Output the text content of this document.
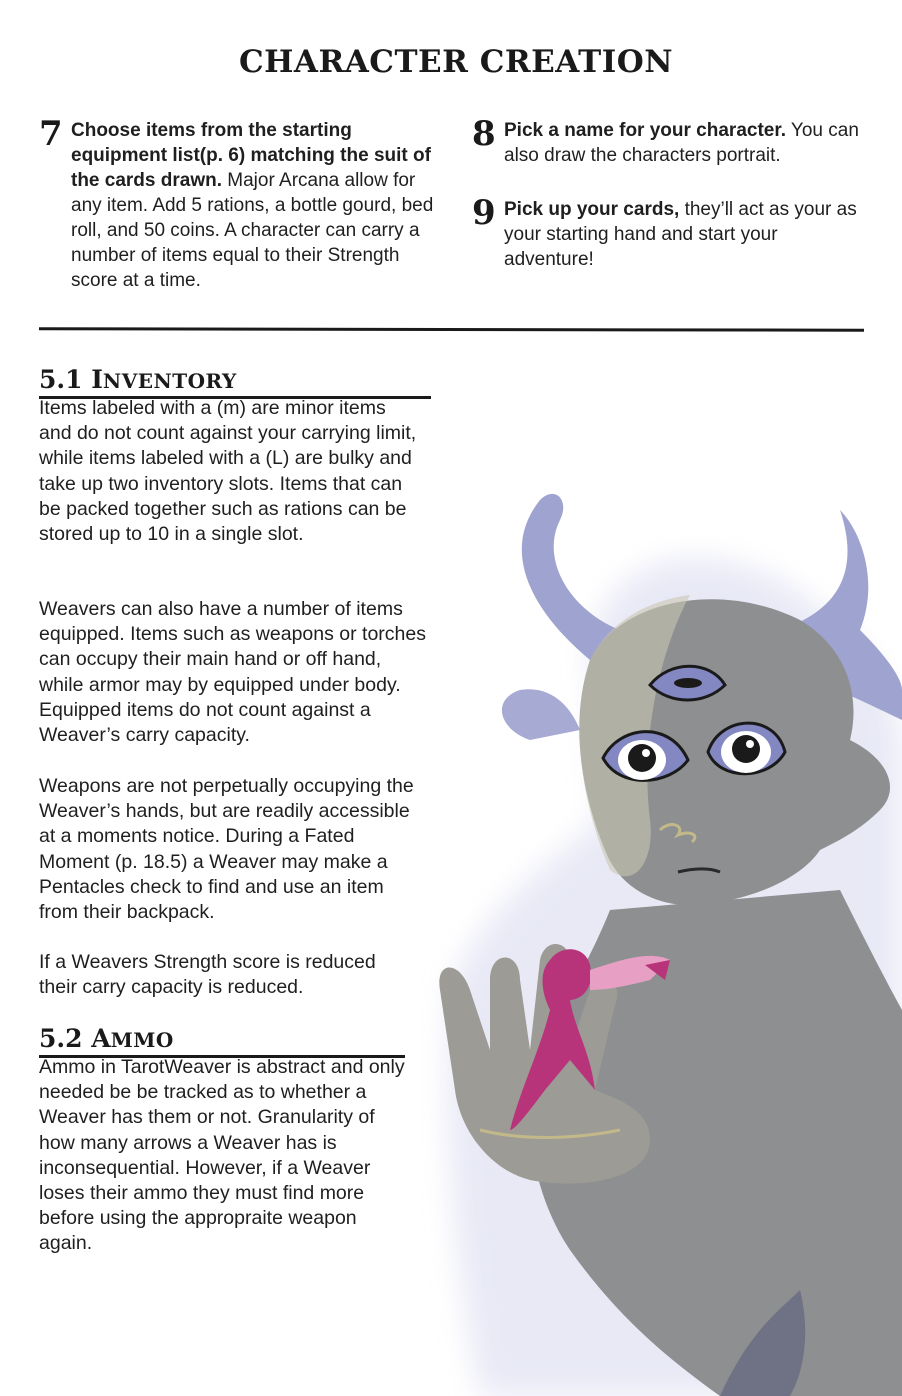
CHARACTER CREATION
7 Choose items from the starting equipment list(p. 6) matching the suit of the cards drawn. Major Arcana allow for any item. Add 5 rations, a bottle gourd, bed roll, and 50 coins. A character can carry a number of items equal to their Strength score at a time.
8 Pick a name for your character. You can also draw the characters portrait.
9 Pick up your cards, they’ll act as your as your starting hand and start your adventure!
5.1 INVENTORY

Items labeled with a (m) are minor items and do not count against your carrying limit, while items labeled with a (L) are bulky and take up two inventory slots. Items that can be packed together such as rations can be stored up to 10 in a single slot.

Weavers can also have a number of items equipped. Items such as weapons or torches can occupy their main hand or off hand, while armor may by equipped under body. Equipped items do not count against a Weaver’s carry capacity.

Weapons are not perpetually occupying the Weaver’s hands, but are readily accessible at a moments notice. During a Fated Moment (p. 18.5) a Weaver may make a Pentacles check to find and use an item from their backpack.

If a Weavers Strength score is reduced their carry capacity is reduced.

5.2 AMMO

Ammo in TarotWeaver is abstract and only needed be be tracked as to whether a Weaver has them or not. Granularity of how many arrows a Weaver has is inconsequential. However, if a Weaver loses their ammo they must find more before using the appropraite weapon again.
